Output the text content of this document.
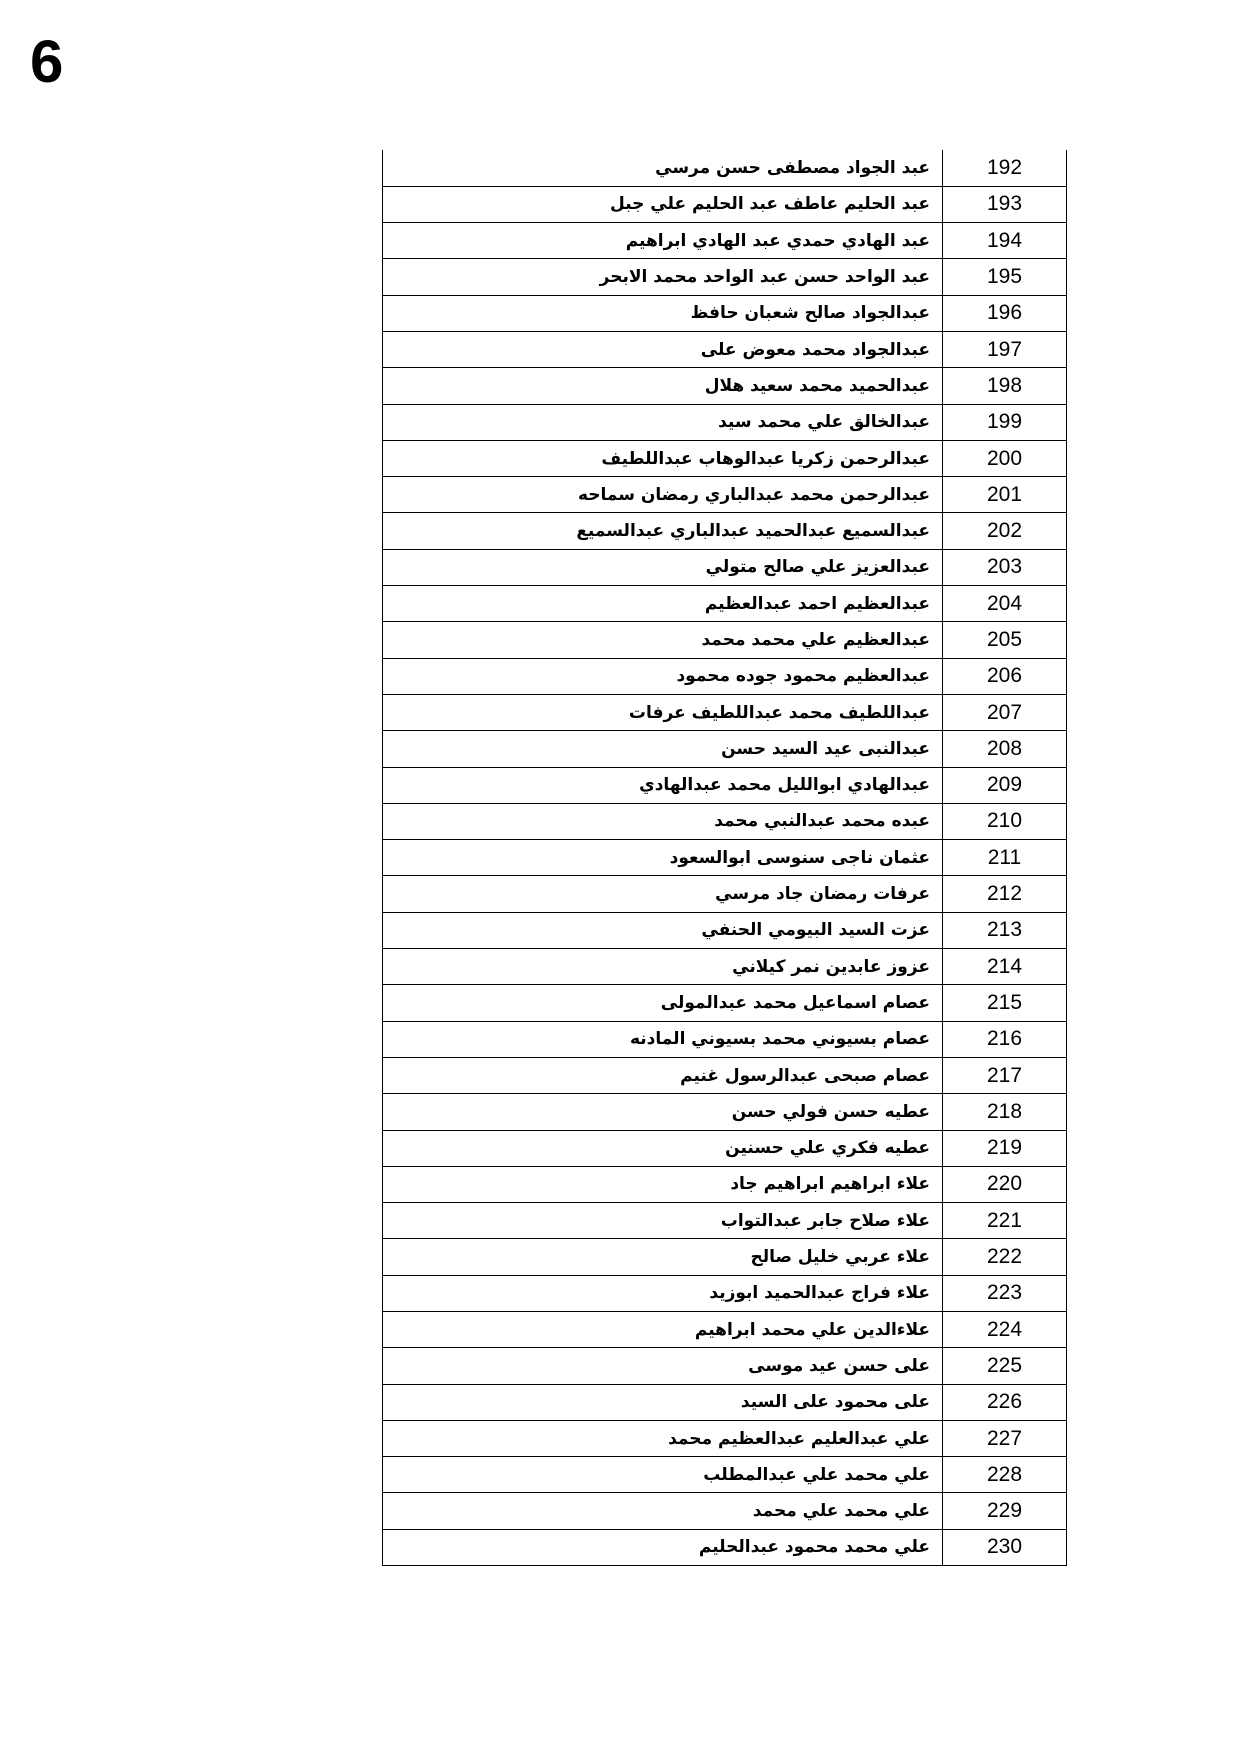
6
عبد الجواد مصطفى حسن مرسي	192
عبد الحليم عاطف عبد الحليم علي جبل	193
عبد الهادي حمدي عبد الهادي ابراهيم	194
عبد الواحد حسن عبد الواحد محمد الابحر	195
عبدالجواد صالح شعبان حافظ	196
عبدالجواد محمد معوض على	197
عبدالحميد محمد سعيد هلال	198
عبدالخالق علي محمد سيد	199
عبدالرحمن زكريا عبدالوهاب عبداللطيف	200
عبدالرحمن محمد عبدالباري رمضان سماحه	201
عبدالسميع عبدالحميد عبدالباري عبدالسميع	202
عبدالعزيز علي صالح متولي	203
عبدالعظيم احمد عبدالعظيم	204
عبدالعظيم علي محمد محمد	205
عبدالعظيم محمود جوده محمود	206
عبداللطيف محمد عبداللطيف عرفات	207
عبدالنبى عيد السيد حسن	208
عبدالهادي ابوالليل محمد عبدالهادي	209
عبده محمد عبدالنبي محمد	210
عثمان ناجى سنوسى ابوالسعود	211
عرفات رمضان جاد مرسي	212
عزت السيد البيومي الحنفي	213
عزوز عابدين نمر كيلاني	214
عصام اسماعيل محمد عبدالمولى	215
عصام بسيوني محمد بسيوني المادنه	216
عصام صبحى عبدالرسول غنيم	217
عطيه حسن فولي حسن	218
عطيه فكري علي حسنين	219
علاء ابراهيم ابراهيم جاد	220
علاء صلاح جابر عبدالتواب	221
علاء عربي خليل صالح	222
علاء فراج عبدالحميد ابوزيد	223
علاءالدين علي محمد ابراهيم	224
على حسن عيد موسى	225
على محمود على السيد	226
علي عبدالعليم عبدالعظيم محمد	227
علي محمد علي عبدالمطلب	228
علي محمد علي محمد	229
علي محمد محمود عبدالحليم	230
